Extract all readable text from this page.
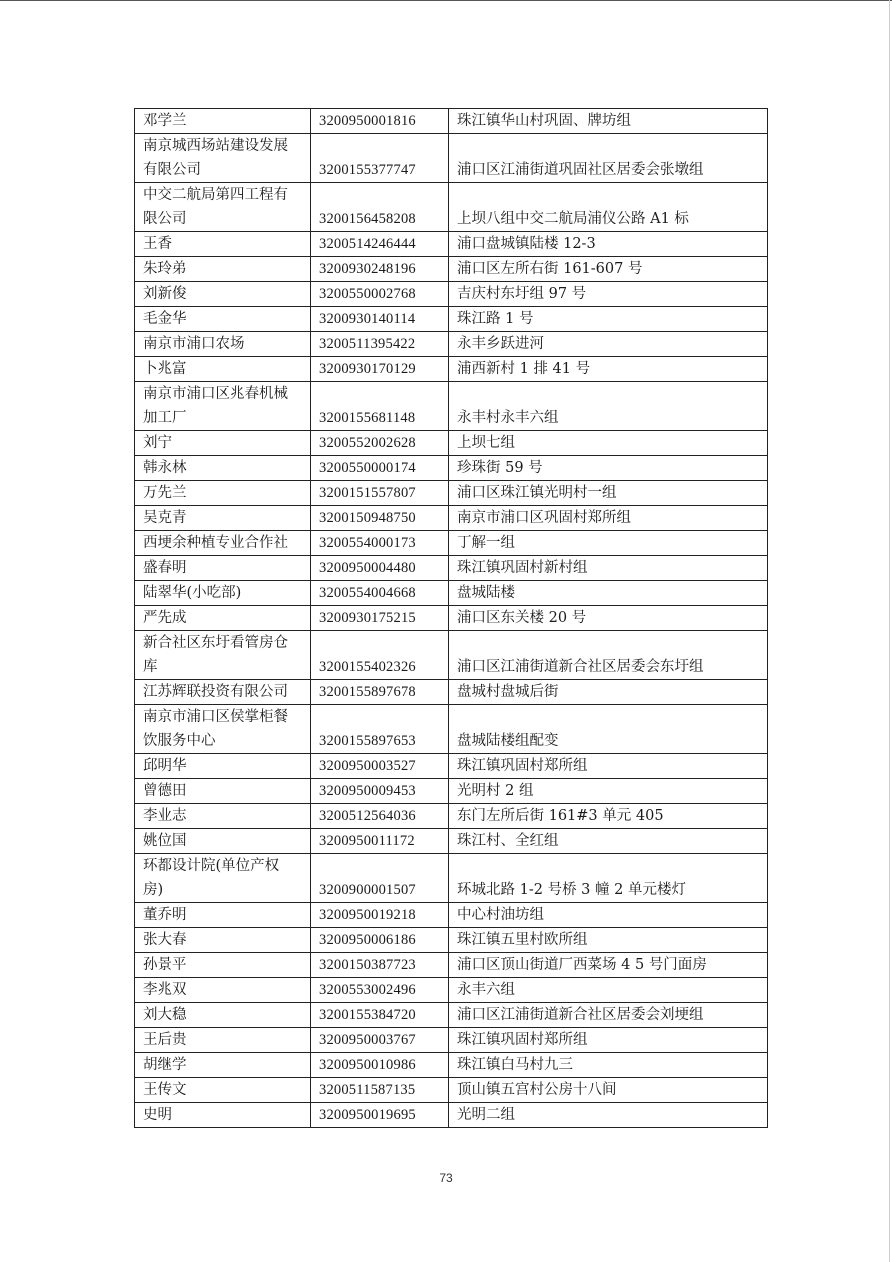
邓学兰	3200950001816	珠江镇华山村巩固、牌坊组
南京城西场站建设发展有限公司	3200155377747	浦口区江浦街道巩固社区居委会张墩组
中交二航局第四工程有限公司	3200156458208	上坝八组中交二航局浦仪公路 A1 标
王香	3200514246444	浦口盘城镇陆楼 12-3
朱玲弟	3200930248196	浦口区左所右街 161-607 号
刘新俊	3200550002768	吉庆村东圩组 97 号
毛金华	3200930140114	珠江路 1 号
南京市浦口农场	3200511395422	永丰乡跃进河
卜兆富	3200930170129	浦西新村 1 排 41 号
南京市浦口区兆春机械加工厂	3200155681148	永丰村永丰六组
刘宁	3200552002628	上坝七组
韩永林	3200550000174	珍珠街 59 号
万先兰	3200151557807	浦口区珠江镇光明村一组
吴克青	3200150948750	南京市浦口区巩固村郑所组
西埂余种植专业合作社	3200554000173	丁解一组
盛春明	3200950004480	珠江镇巩固村新村组
陆翠华(小吃部)	3200554004668	盘城陆楼
严先成	3200930175215	浦口区东关楼 20 号
新合社区东圩看管房仓库	3200155402326	浦口区江浦街道新合社区居委会东圩组
江苏辉联投资有限公司	3200155897678	盘城村盘城后街
南京市浦口区侯掌柜餐饮服务中心	3200155897653	盘城陆楼组配变
邱明华	3200950003527	珠江镇巩固村郑所组
曾德田	3200950009453	光明村 2 组
李业志	3200512564036	东门左所后街 161#3 单元 405
姚位国	3200950011172	珠江村、全红组
环都设计院(单位产权房)	3200900001507	环城北路 1-2 号桥 3 幢 2 单元楼灯
董乔明	3200950019218	中心村油坊组
张大春	3200950006186	珠江镇五里村欧所组
孙景平	3200150387723	浦口区顶山街道厂西菜场 4 5 号门面房
李兆双	3200553002496	永丰六组
刘大稳	3200155384720	浦口区江浦街道新合社区居委会刘埂组
王后贵	3200950003767	珠江镇巩固村郑所组
胡继学	3200950010986	珠江镇白马村九三
王传文	3200511587135	顶山镇五宫村公房十八间
史明	3200950019695	光明二组
73
